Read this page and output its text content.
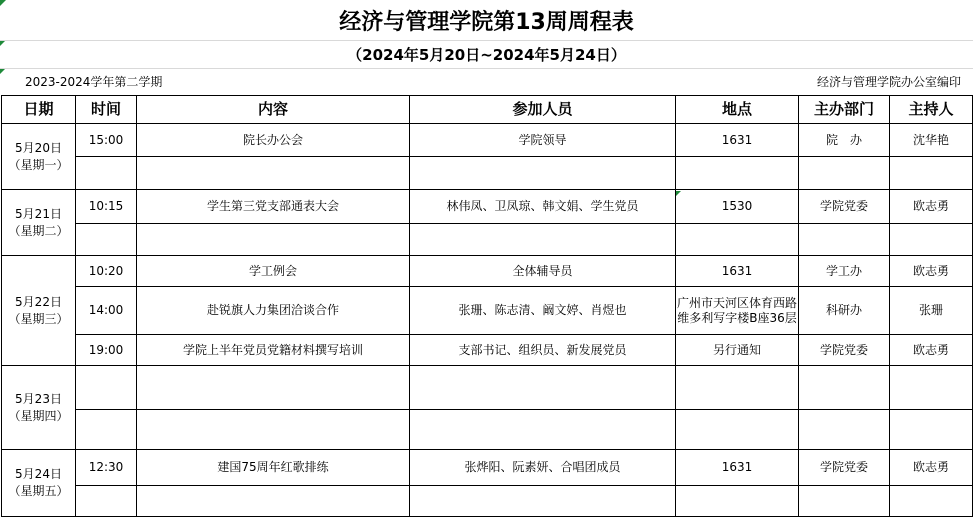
经济与管理学院第13周周程表
（2024年5月20日~2024年5月24日）
2023-2024学年第二学期	经济与管理学院办公室编印
日期	时间	内容	参加人员	地点	主办部门	主持人

5月20日
（星期一）	15:00	院长办公会	学院领导	1631	院　办	沈华艳

5月21日
（星期二）	10:15	学生第三党支部通表大会	林伟凤、卫凤琼、韩文娟、学生党员	1530	学院党委	欧志勇

5月22日
（星期三）	10:20	学工例会	全体辅导员	1631	学工办	欧志勇
	14:00	赴锐旗人力集团洽谈合作	张珊、陈志清、阚文婷、肖煜也	广州市天河区体育西路维多利写字楼B座36层	科研办	张珊
	19:00	学院上半年党员党籍材料撰写培训	支部书记、组织员、新发展党员	另行通知	学院党委	欧志勇

5月23日
（星期四）						

5月24日
（星期五）	12:30	建国75周年红歌排练	张烨阳、阮素妍、合唱团成员	1631	学院党委	欧志勇
